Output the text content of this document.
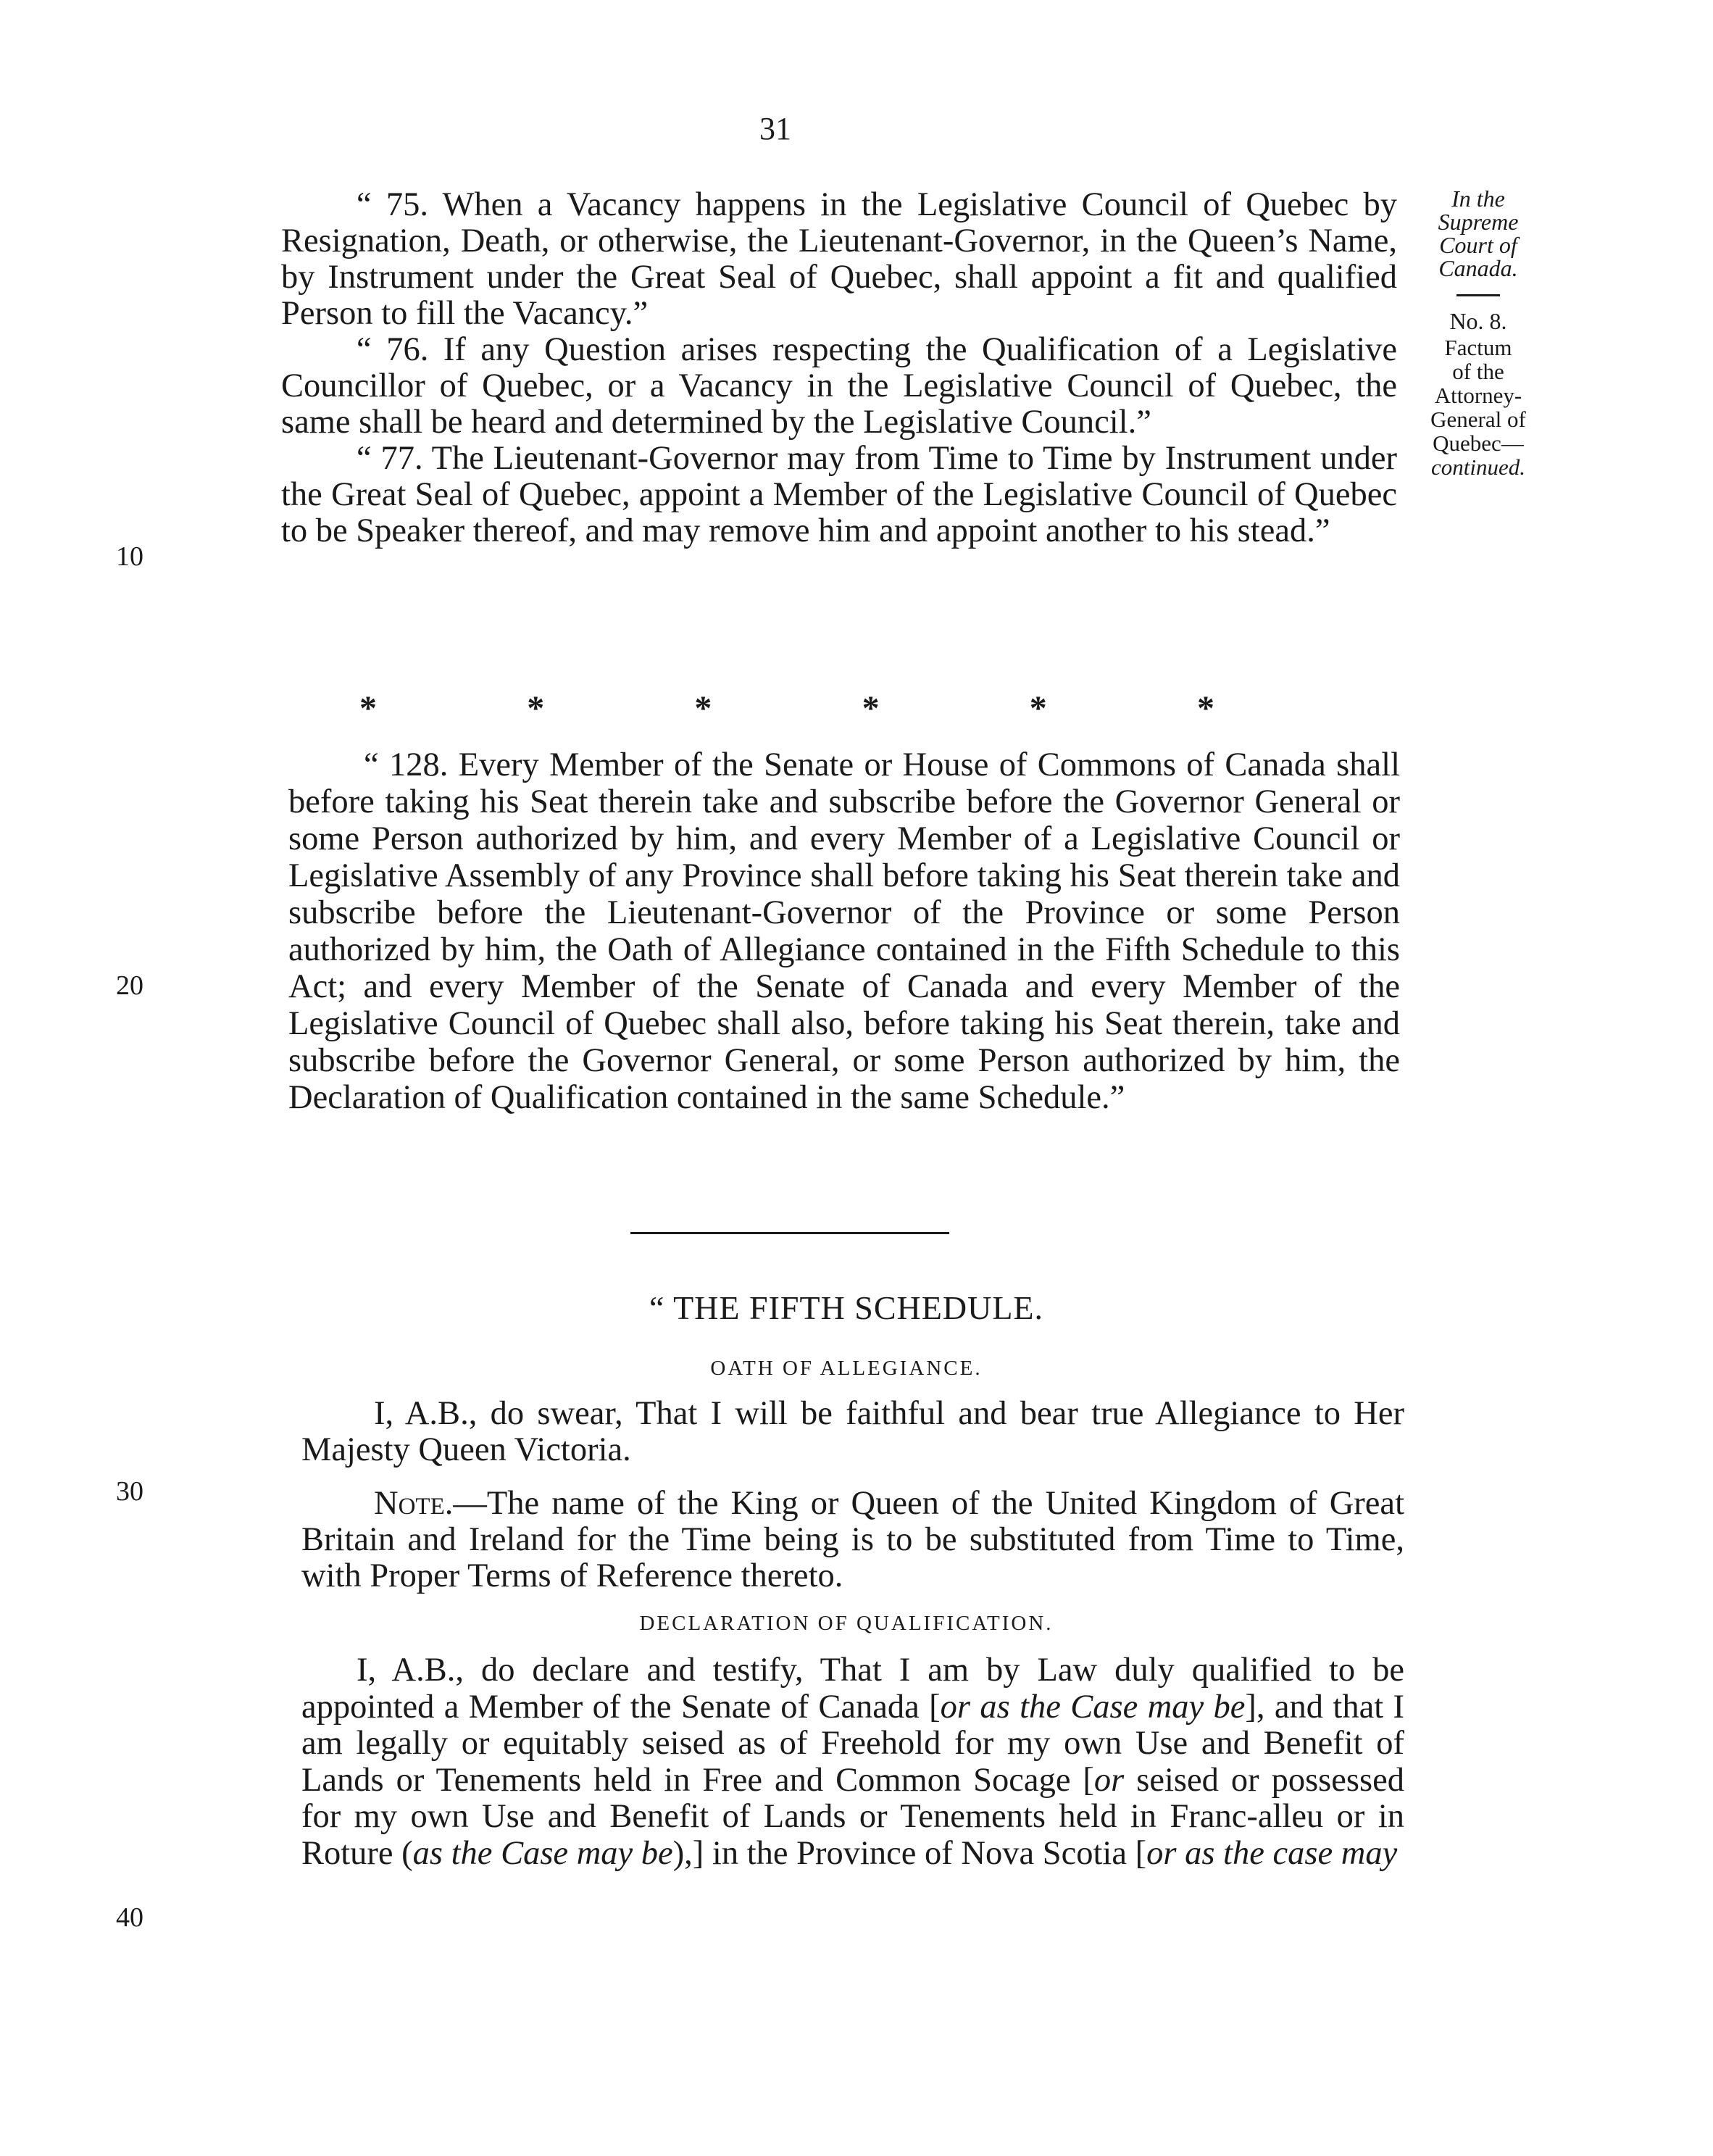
31
In the
Supreme
Court of
Canada.
No. 8.
Factum
of the
Attorney-
General of
Quebec—
continued.
10
20
30
40

“ 75. When a Vacancy happens in the Legislative Council of Quebec by Resignation, Death, or otherwise, the Lieutenant-Governor, in the Queen’s Name, by Instrument under the Great Seal of Quebec, shall appoint a fit and qualified Person to fill the Vacancy.”

“ 76. If any Question arises respecting the Qualification of a Legislative Councillor of Quebec, or a Vacancy in the Legislative Council of Quebec, the same shall be heard and determined by the Legislative Council.”

“ 77. The Lieutenant-Governor may from Time to Time by Instrument under the Great Seal of Quebec, appoint a Member of the Legislative Council of Quebec to be Speaker thereof, and may remove him and appoint another to his stead.”

*	*	*	*	*	*

“ 128. Every Member of the Senate or House of Commons of Canada shall before taking his Seat therein take and subscribe before the Governor General or some Person authorized by him, and every Member of a Legislative Council or Legislative Assembly of any Province shall before taking his Seat therein take and subscribe before the Lieutenant-Governor of the Province or some Person authorized by him, the Oath of Allegiance contained in the Fifth Schedule to this Act; and every Member of the Senate of Canada and every Member of the Legislative Council of Quebec shall also, before taking his Seat therein, take and subscribe before the Governor General, or some Person authorized by him, the Declaration of Qualification contained in the same Schedule.”

“ THE FIFTH SCHEDULE.
OATH OF ALLEGIANCE.

I, A.B., do swear, That I will be faithful and bear true Allegiance to Her Majesty Queen Victoria.

Note.—The name of the King or Queen of the United Kingdom of Great Britain and Ireland for the Time being is to be substituted from Time to Time, with Proper Terms of Reference thereto.

DECLARATION OF QUALIFICATION.

I, A.B., do declare and testify, That I am by Law duly qualified to be appointed a Member of the Senate of Canada [or as the Case may be], and that I am legally or equitably seised as of Freehold for my own Use and Benefit of Lands or Tenements held in Free and Common Socage [or seised or possessed for my own Use and Benefit of Lands or Tenements held in Franc-alleu or in Roture (as the Case may be),] in the Province of Nova Scotia [or as the case may
